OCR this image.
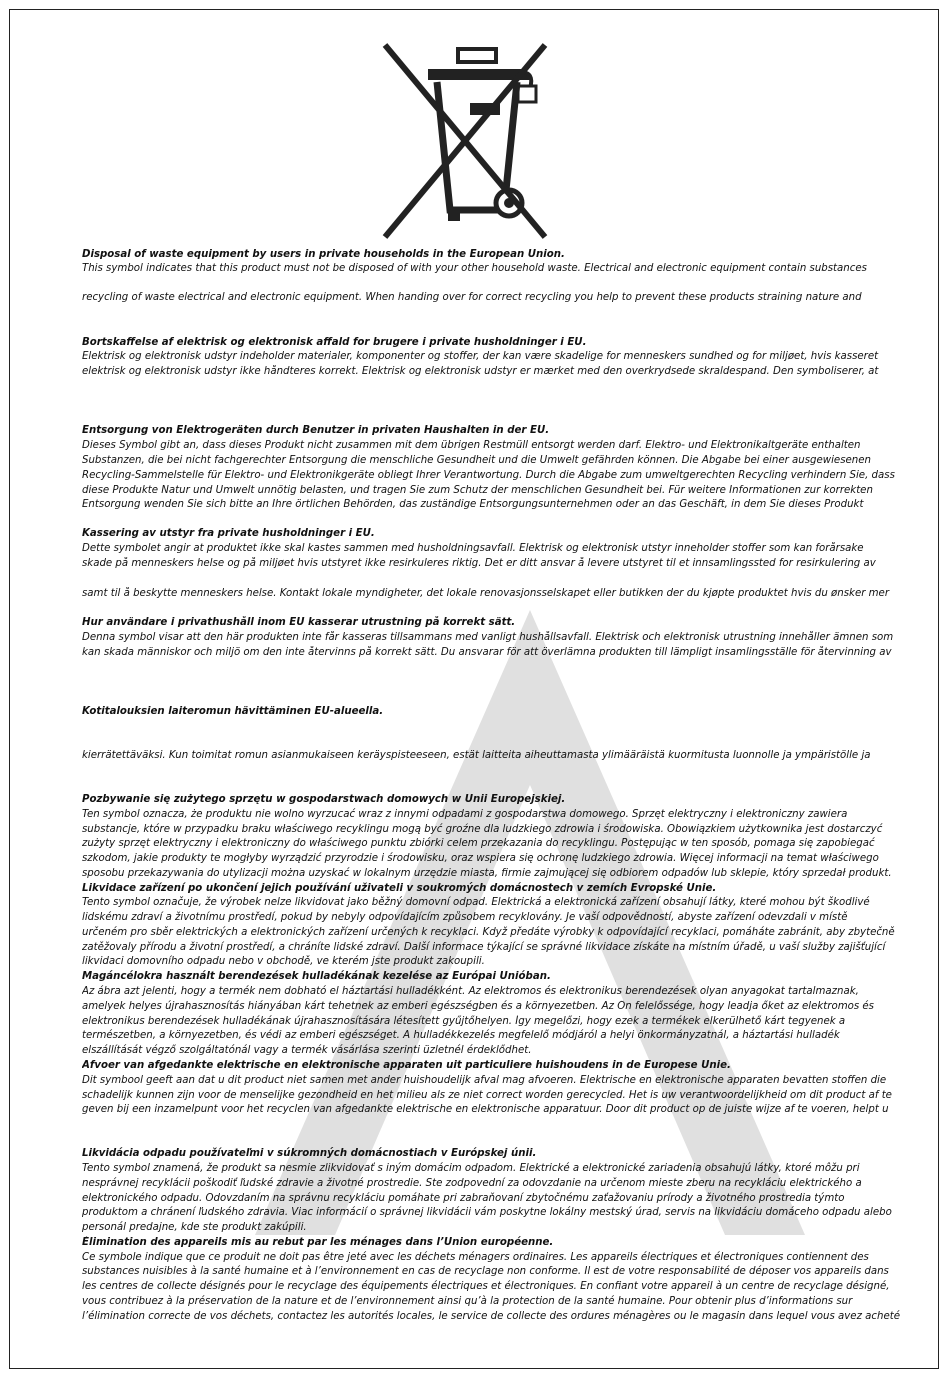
Disposal of waste equipment by users in private households in the European Union.
This symbol indicates that this product must not be disposed of with your other household waste. Electrical and electronic equipment contain substances
recycling of waste electrical and electronic equipment. When handing over for correct recycling you help to prevent these products straining nature and
Bortskaffelse af elektrisk og elektronisk affald for brugere i private husholdninger i EU.
Elektrisk og elektronisk udstyr indeholder materialer, komponenter og stoffer, der kan være skadelige for menneskers sundhed og for miljøet, hvis kasseret
elektrisk og elektronisk udstyr ikke håndteres korrekt. Elektrisk og elektronisk udstyr er mærket med den overkrydsede skraldespand. Den symboliserer, at
Entsorgung von Elektrogeräten durch Benutzer in privaten Haushalten in der EU.
Dieses Symbol gibt an, dass dieses Produkt nicht zusammen mit dem übrigen Restmüll entsorgt werden darf. Elektro- und Elektronikaltgeräte enthalten
Substanzen, die bei nicht fachgerechter Entsorgung die menschliche Gesundheit und die Umwelt gefährden können. Die Abgabe bei einer ausgewiesenen
Recycling-Sammelstelle für Elektro- und Elektronikgeräte obliegt Ihrer Verantwortung. Durch die Abgabe zum umweltgerechten Recycling verhindern Sie, dass
diese Produkte Natur und Umwelt unnötig belasten, und tragen Sie zum Schutz der menschlichen Gesundheit bei. Für weitere Informationen zur korrekten
Entsorgung wenden Sie sich bitte an Ihre örtlichen Behörden, das zuständige Entsorgungsunternehmen oder an das Geschäft, in dem Sie dieses Produkt
Kassering av utstyr fra private husholdninger i EU.
Dette symbolet angir at produktet ikke skal kastes sammen med husholdningsavfall. Elektrisk og elektronisk utstyr inneholder stoffer som kan forårsake
skade på menneskers helse og på miljøet hvis utstyret ikke resirkuleres riktig. Det er ditt ansvar å levere utstyret til et innsamlingssted for resirkulering av
samt til å beskytte menneskers helse. Kontakt lokale myndigheter, det lokale renovasjonsselskapet eller butikken der du kjøpte produktet hvis du ønsker mer
Hur användare i privathushåll inom EU kasserar utrustning på korrekt sätt.
Denna symbol visar att den här produkten inte får kasseras tillsammans med vanligt hushållsavfall. Elektrisk och elektronisk utrustning innehåller ämnen som
kan skada människor och miljö om den inte återvinns på korrekt sätt. Du ansvarar för att överlämna produkten till lämpligt insamlingsställe för återvinning av
Kotitalouksien laiteromun hävittäminen EU-alueella.
kierrätettäväksi. Kun toimitat romun asianmukaiseen keräyspisteeseen, estät laitteita aiheuttamasta ylimääräistä kuormitusta luonnolle ja ympäristölle ja
Pozbywanie się zużytego sprzętu w gospodarstwach domowych w Unii Europejskiej.
Ten symbol oznacza, że produktu nie wolno wyrzucać wraz z innymi odpadami z gospodarstwa domowego. Sprzęt elektryczny i elektroniczny zawiera
substancje, które w przypadku braku właściwego recyklingu mogą być groźne dla ludzkiego zdrowia i środowiska. Obowiązkiem użytkownika jest dostarczyć
zużyty sprzęt elektryczny i elektroniczny do właściwego punktu zbiórki celem przekazania do recyklingu. Postępując w ten sposób, pomaga się zapobiegać
szkodom, jakie produkty te mogłyby wyrządzić przyrodzie i środowisku, oraz wspiera się ochronę ludzkiego zdrowia. Więcej informacji na temat właściwego
sposobu przekazywania do utylizacji można uzyskać w lokalnym urzędzie miasta, firmie zajmującej się odbiorem odpadów lub sklepie, który sprzedał produkt.
Likvidace zařízení po ukončení jejich používání uživateli v soukromých domácnostech v zemích Evropské Unie.
Tento symbol označuje, že výrobek nelze likvidovat jako běžný domovní odpad. Elektrická a elektronická zařízení obsahují látky, které mohou být škodlivé
lidskému zdraví a životnímu prostředí, pokud by nebyly odpovídajícím způsobem recyklovány. Je vaší odpovědností, abyste zařízení odevzdali v místě
určeném pro sběr elektrických a elektronických zařízení určených k recyklaci. Když předáte výrobky k odpovídající recyklaci, pomáháte zabránit, aby zbytečně
zatěžovaly přírodu a životní prostředí, a chráníte lidské zdraví. Další informace týkající se správné likvidace získáte na místním úřadě, u vaší služby zajišťující
likvidaci domovního odpadu nebo v obchodě, ve kterém jste produkt zakoupili.
Magáncélokra használt berendezések hulladékának kezelése az Európai Unióban.
Az ábra azt jelenti, hogy a termék nem dobható el háztartási hulladékként. Az elektromos és elektronikus berendezések olyan anyagokat tartalmaznak,
amelyek helyes újrahasznosítás hiányában kárt tehetnek az emberi egészségben és a környezetben. Az Ön felelőssége, hogy leadja őket az elektromos és
elektronikus berendezések hulladékának újrahasznosítására létesített gyűjtőhelyen. Így megelőzi, hogy ezek a termékek elkerülhető kárt tegyenek a
természetben, a környezetben, és védi az emberi egészséget. A hulladékkezelés megfelelő módjáról a helyi önkormányzatnál, a háztartási hulladék
elszállítását végző szolgáltatónál vagy a termék vásárlása szerinti üzletnél érdeklődhet.
Afvoer van afgedankte elektrische en elektronische apparaten uit particuliere huishoudens in de Europese Unie.
Dit symbool geeft aan dat u dit product niet samen met ander huishoudelijk afval mag afvoeren. Elektrische en elektronische apparaten bevatten stoffen die
schadelijk kunnen zijn voor de menselijke gezondheid en het milieu als ze niet correct worden gerecycled. Het is uw verantwoordelijkheid om dit product af te
geven bij een inzamelpunt voor het recyclen van afgedankte elektrische en elektronische apparatuur. Door dit product op de juiste wijze af te voeren, helpt u
Likvidácia odpadu používateľmi v súkromných domácnostiach v Európskej únii.
Tento symbol znamená, že produkt sa nesmie zlikvidovať s iným domácim odpadom. Elektrické a elektronické zariadenia obsahujú látky, ktoré môžu pri
nesprávnej recyklácii poškodiť ľudské zdravie a životné prostredie. Ste zodpovední za odovzdanie na určenom mieste zberu na recykláciu elektrického a
elektronického odpadu. Odovzdaním na správnu recykláciu pomáhate pri zabraňovaní zbytočnému zaťažovaniu prírody a životného prostredia týmto
produktom a chránení ľudského zdravia. Viac informácií o správnej likvidácii vám poskytne lokálny mestský úrad, servis na likvidáciu domáceho odpadu alebo
personál predajne, kde ste produkt zakúpili.
Élimination des appareils mis au rebut par les ménages dans l’Union européenne.
Ce symbole indique que ce produit ne doit pas être jeté avec les déchets ménagers ordinaires. Les appareils électriques et électroniques contiennent des
substances nuisibles à la santé humaine et à l’environnement en cas de recyclage non conforme. Il est de votre responsabilité de déposer vos appareils dans
les centres de collecte désignés pour le recyclage des équipements électriques et électroniques. En confiant votre appareil à un centre de recyclage désigné,
vous contribuez à la préservation de la nature et de l’environnement ainsi qu’à la protection de la santé humaine. Pour obtenir plus d’informations sur
l’élimination correcte de vos déchets, contactez les autorités locales, le service de collecte des ordures ménagères ou le magasin dans lequel vous avez acheté
